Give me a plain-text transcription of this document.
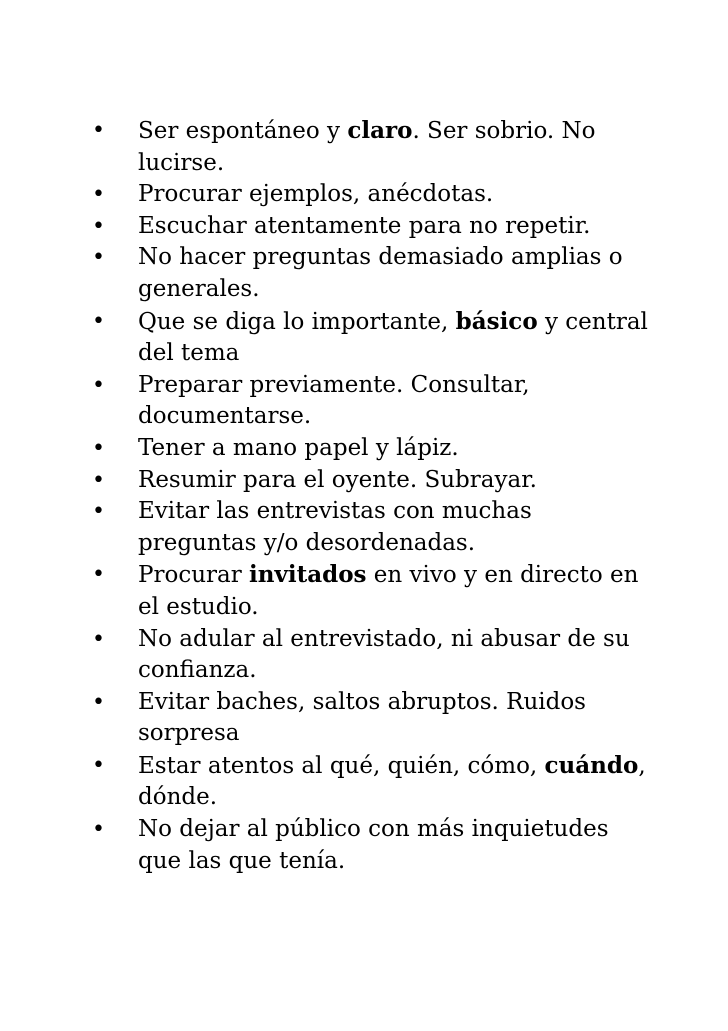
•	Ser espontáneo y claro. Ser sobrio. No lucirse.
•	Procurar ejemplos, anécdotas.
•	Escuchar atentamente para no repetir.
•	No hacer preguntas demasiado amplias o generales.
•	Que se diga lo importante, básico y central del tema
•	Preparar previamente. Consultar, documentarse.
•	Tener a mano papel y lápiz.
•	Resumir para el oyente. Subrayar.
•	Evitar las entrevistas con muchas preguntas y/o desordenadas.
•	Procurar invitados en vivo y en directo en el estudio.
•	No adular al entrevistado, ni abusar de su confianza.
•	Evitar baches, saltos abruptos. Ruidos sorpresa
•	Estar atentos al qué, quién, cómo, cuándo, dónde.
•	No dejar al público con más inquietudes que las que tenía.
